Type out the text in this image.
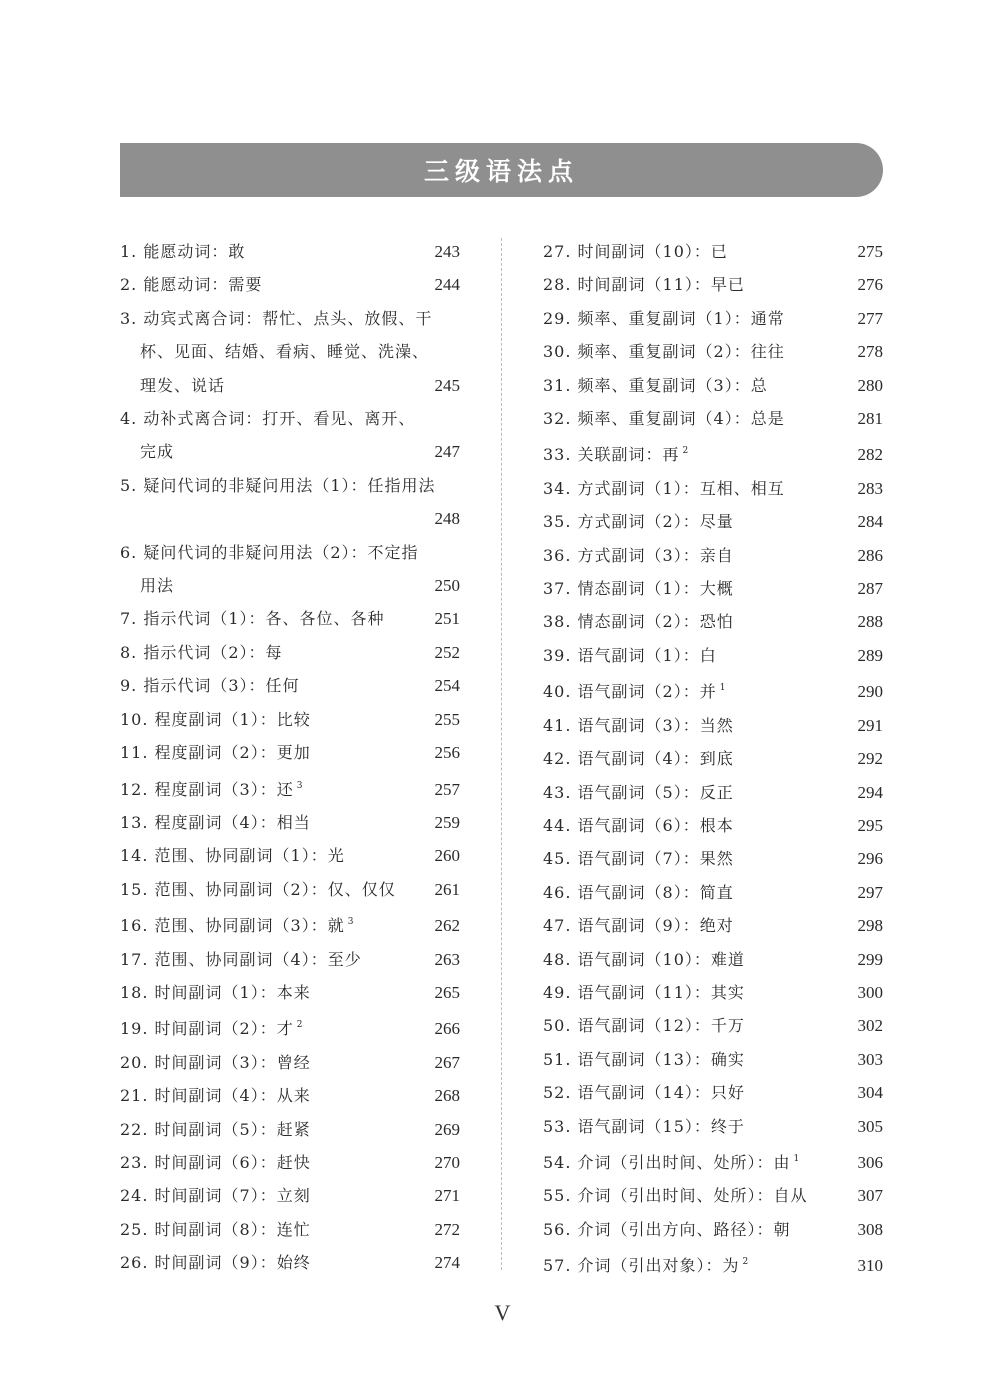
三级语法点
1. 能愿动词：敢	243
2. 能愿动词：需要	244
3. 动宾式离合词：帮忙、点头、放假、干
杯、见面、结婚、看病、睡觉、洗澡、
理发、说话	245
4. 动补式离合词：打开、看见、离开、
完成	247
5. 疑问代词的非疑问用法（1）：任指用法

248
6. 疑问代词的非疑问用法（2）：不定指
用法	250
7. 指示代词（1）：各、各位、各种	251
8. 指示代词（2）：每	252
9. 指示代词（3）：任何	254
10. 程度副词（1）：比较	255
11. 程度副词（2）：更加	256
12. 程度副词（3）：还 $^3$	257
13. 程度副词（4）：相当	259
14. 范围、协同副词（1）：光	260
15. 范围、协同副词（2）：仅、仅仅 261
16. 范围、协同副词（3）：就 $^3$	262
17. 范围、协同副词（4）：至少	263
18. 时间副词（1）：本来	265
19. 时间副词（2）：才 $^2$	266
20. 时间副词（3）：曾经	267
21. 时间副词（4）：从来	268
22. 时间副词（5）：赶紧	269
23. 时间副词（6）：赶快	270
24. 时间副词（7）：立刻	271
25. 时间副词（8）：连忙	272
26. 时间副词（9）：始终	274
27. 时间副词（10）：已	275
28. 时间副词（11）：早已	276
29. 频率、重复副词（1）：通常	277
30. 频率、重复副词（2）：往往	278
31. 频率、重复副词（3）：总	280
32. 频率、重复副词（4）：总是	281
33. 关联副词：再 $^2$	282
34. 方式副词（1）：互相、相互	283
35. 方式副词（2）：尽量	284
36. 方式副词（3）：亲自	286
37. 情态副词（1）：大概	287
38. 情态副词（2）：恐怕	288
39. 语气副词（1）：白	289
40. 语气副词（2）：并 $^1$	290
41. 语气副词（3）：当然	291
42. 语气副词（4）：到底	292
43. 语气副词（5）：反正	294
44. 语气副词（6）：根本	295
45. 语气副词（7）：果然	296
46. 语气副词（8）：简直	297
47. 语气副词（9）：绝对	298
48. 语气副词（10）：难道	299
49. 语气副词（11）：其实	300
50. 语气副词（12）：千万	302
51. 语气副词（13）：确实	303
52. 语气副词（14）：只好	304
53. 语气副词（15）：终于	305
54. 介词（引出时间、处所）：由 $^1$	306
55. 介词（引出时间、处所）：自从	307
56. 介词（引出方向、路径）：朝	308
57. 介词（引出对象）：为 $^2$	310
V
